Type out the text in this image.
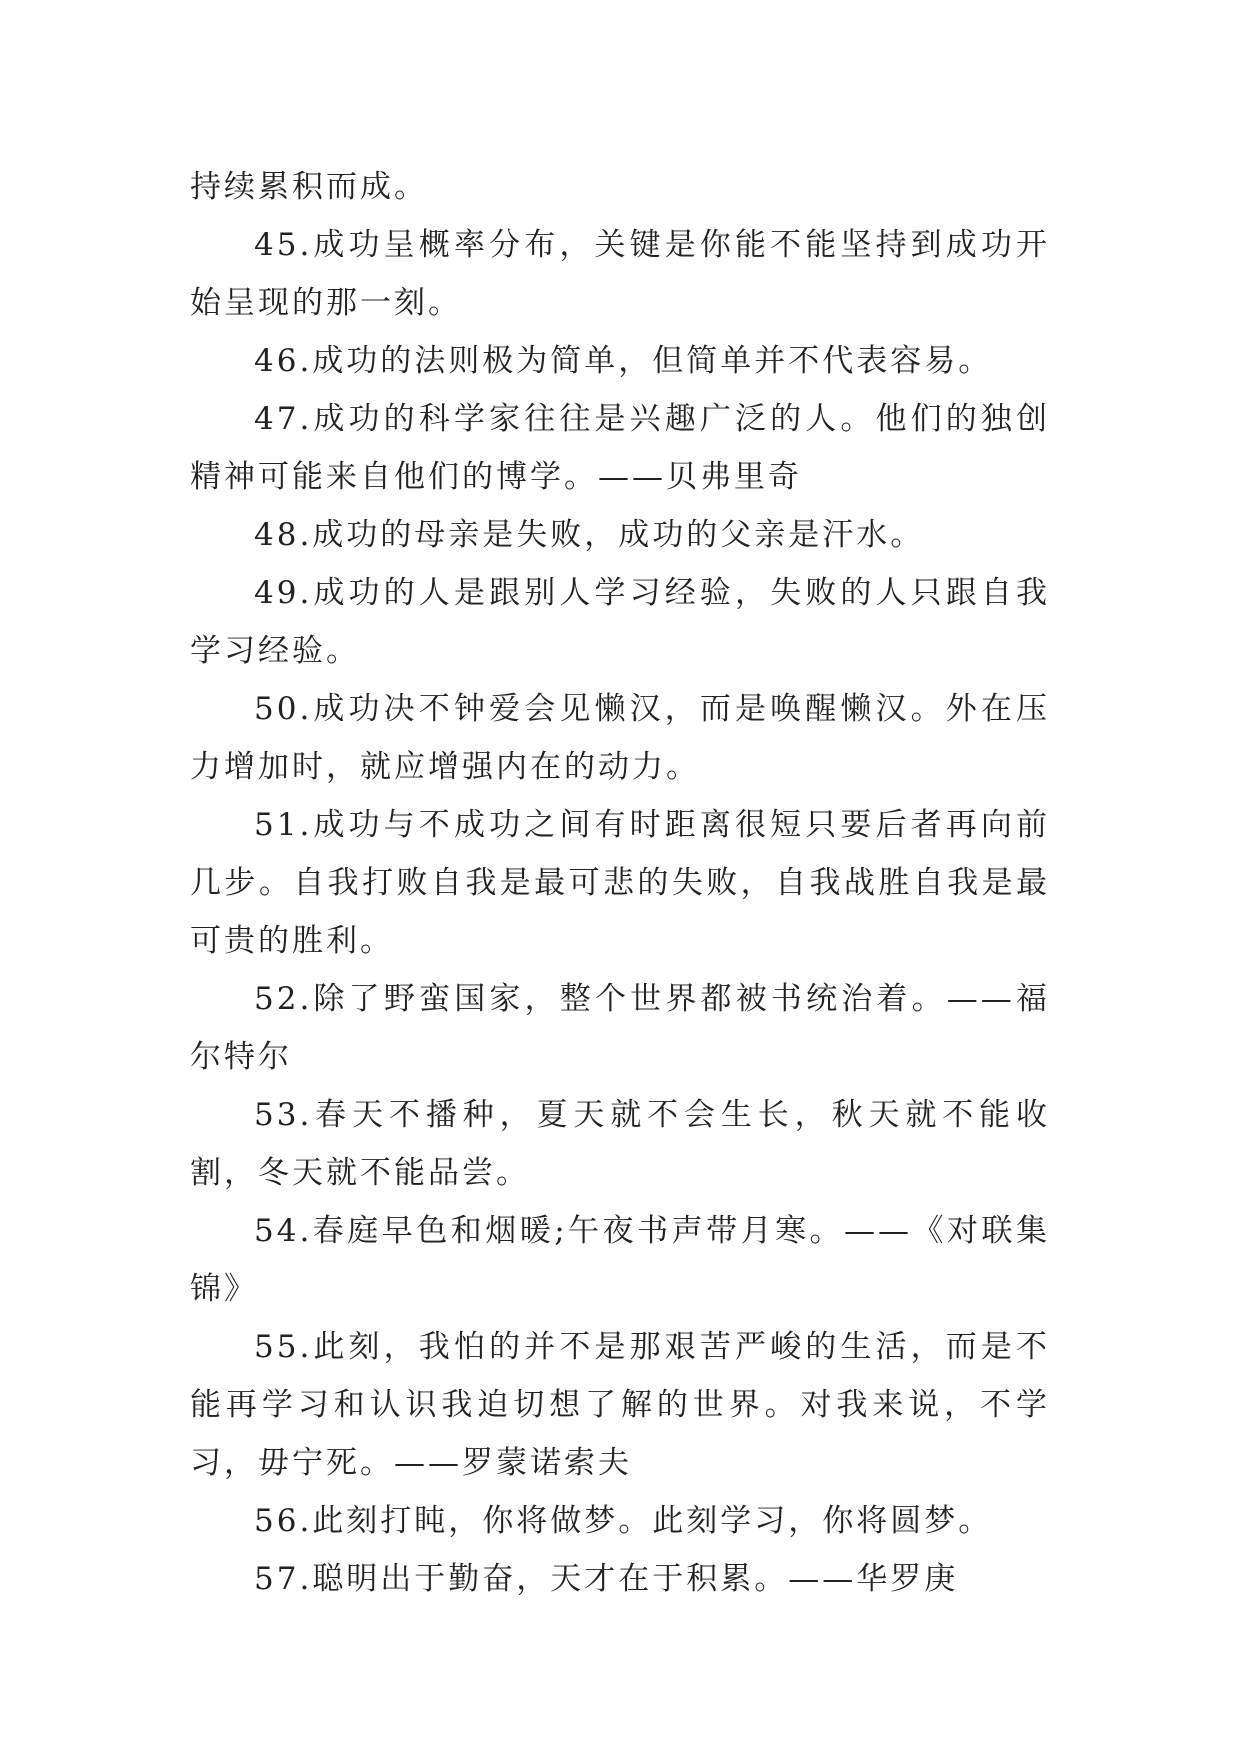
持续累积而成。

45.成功呈概率分布，关键是你能不能坚持到成功开始呈现的那一刻。

46.成功的法则极为简单，但简单并不代表容易。

47.成功的科学家往往是兴趣广泛的人。他们的独创精神可能来自他们的博学。——贝弗里奇

48.成功的母亲是失败，成功的父亲是汗水。

49.成功的人是跟别人学习经验，失败的人只跟自我学习经验。

50.成功决不钟爱会见懒汉，而是唤醒懒汉。外在压力增加时，就应增强内在的动力。

51.成功与不成功之间有时距离很短只要后者再向前几步。自我打败自我是最可悲的失败，自我战胜自我是最可贵的胜利。

52.除了野蛮国家，整个世界都被书统治着。——福尔特尔

53.春天不播种，夏天就不会生长，秋天就不能收割，冬天就不能品尝。

54.春庭早色和烟暖;午夜书声带月寒。——《对联集锦》

55.此刻，我怕的并不是那艰苦严峻的生活，而是不能再学习和认识我迫切想了解的世界。对我来说，不学习，毋宁死。——罗蒙诺索夫

56.此刻打盹，你将做梦。此刻学习，你将圆梦。

57.聪明出于勤奋，天才在于积累。——华罗庚
